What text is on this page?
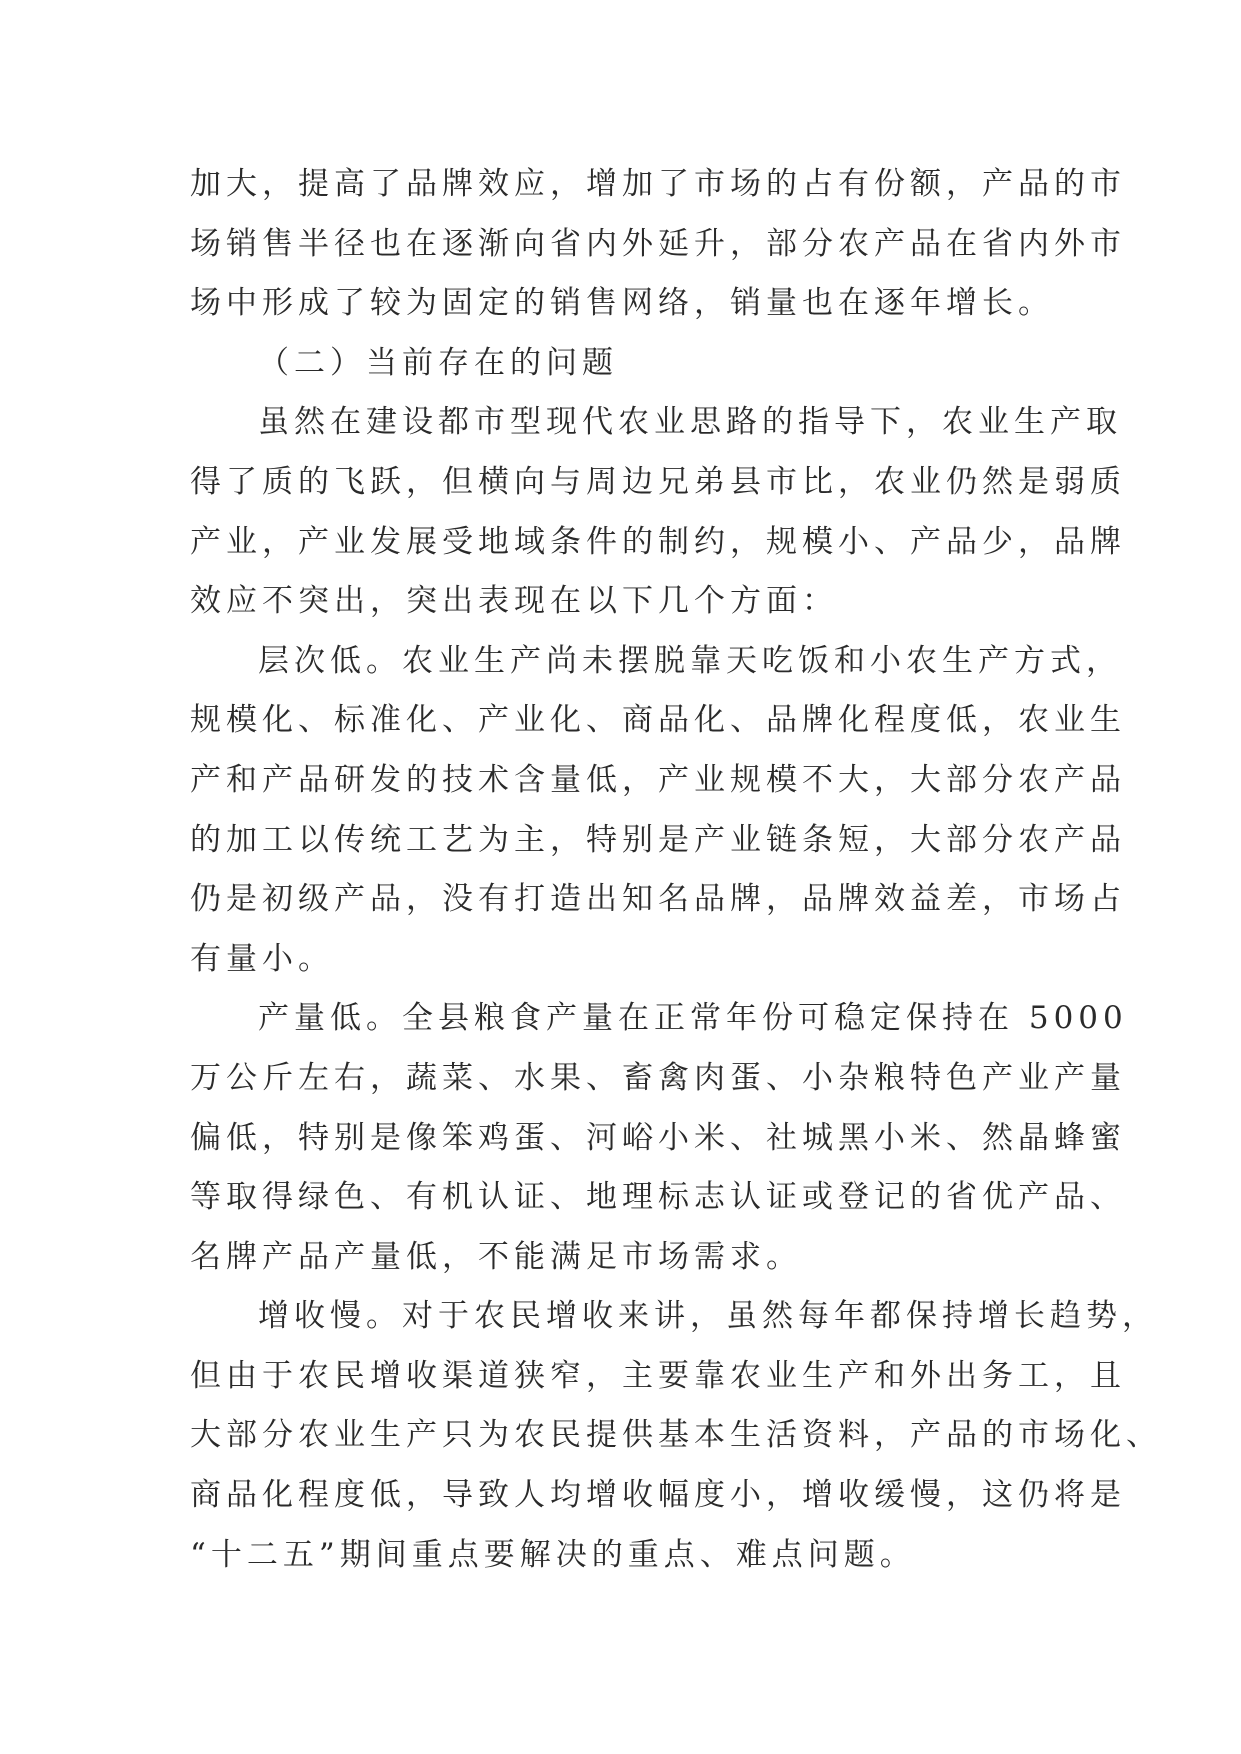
加大，提高了品牌效应，增加了市场的占有份额，产品的市
场销售半径也在逐渐向省内外延升，部分农产品在省内外市
场中形成了较为固定的销售网络，销量也在逐年增长。

（二）当前存在的问题

虽然在建设都市型现代农业思路的指导下，农业生产取
得了质的飞跃，但横向与周边兄弟县市比，农业仍然是弱质
产业，产业发展受地域条件的制约，规模小、产品少，品牌
效应不突出，突出表现在以下几个方面：

层次低。农业生产尚未摆脱靠天吃饭和小农生产方式，
规模化、标准化、产业化、商品化、品牌化程度低，农业生
产和产品研发的技术含量低，产业规模不大，大部分农产品
的加工以传统工艺为主，特别是产业链条短，大部分农产品
仍是初级产品，没有打造出知名品牌，品牌效益差，市场占
有量小。

产量低。全县粮食产量在正常年份可稳定保持在 5000
万公斤左右，蔬菜、水果、畜禽肉蛋、小杂粮特色产业产量
偏低，特别是像笨鸡蛋、河峪小米、社城黑小米、然晶蜂蜜
等取得绿色、有机认证、地理标志认证或登记的省优产品、
名牌产品产量低，不能满足市场需求。

增收慢。对于农民增收来讲，虽然每年都保持增长趋势，
但由于农民增收渠道狭窄，主要靠农业生产和外出务工，且
大部分农业生产只为农民提供基本生活资料，产品的市场化、
商品化程度低，导致人均增收幅度小，增收缓慢，这仍将是
“十二五”期间重点要解决的重点、难点问题。
